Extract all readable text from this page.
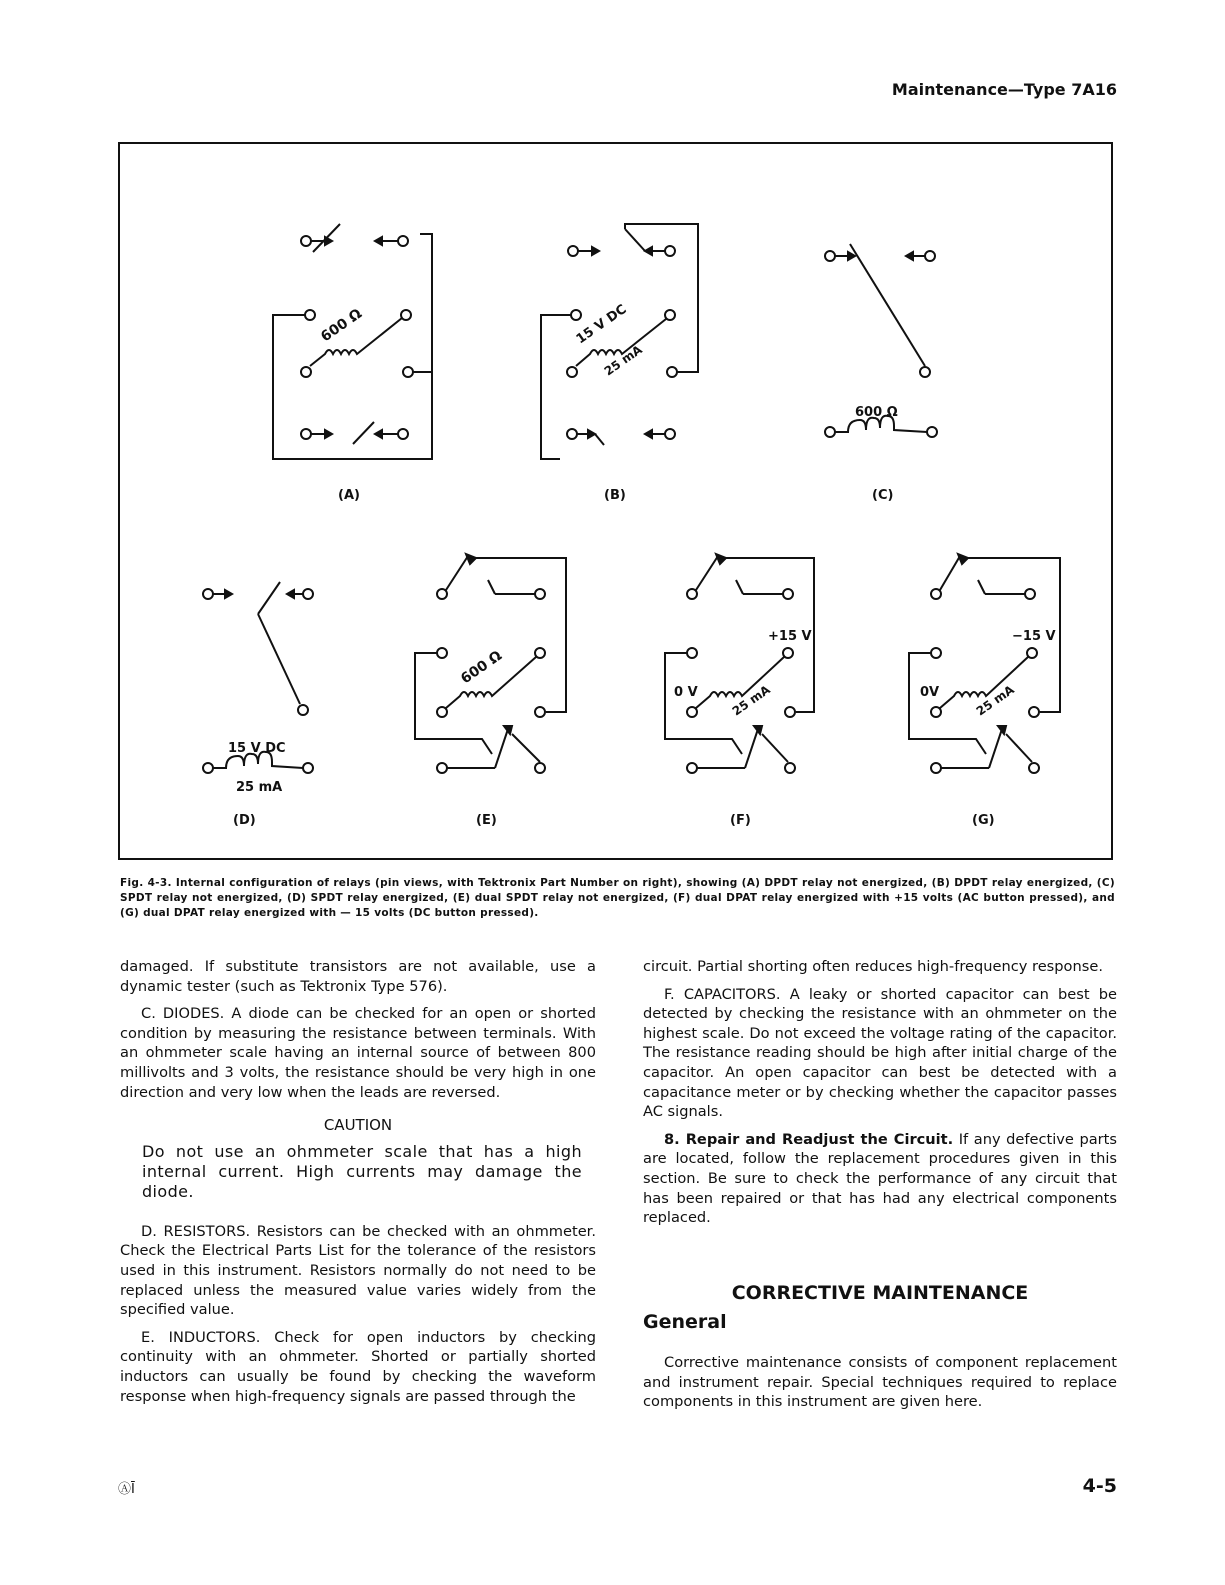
Maintenance—Type 7A16
600 Ω
(A)
15 V DC
25 mA
(B)
600 Ω
(C)
15 V DC
25 mA
(D)
600 Ω
(E)
+15 V
0 V	25 mA
(F)
−15 V
0V	25 mA
(G)
Fig. 4-3. Internal configuration of relays (pin views, with Tektronix Part Number on right), showing (A) DPDT relay not energized, (B) DPDT relay energized, (C) SPDT relay not energized, (D) SPDT relay energized, (E) dual SPDT relay not energized, (F) dual DPAT relay energized with +15 volts (AC button pressed), and (G) dual DPAT relay energized with — 15 volts (DC button pressed).

damaged. If substitute transistors are not available, use a dynamic tester (such as Tektronix Type 576).

C. DIODES. A diode can be checked for an open or shorted condition by measuring the resistance between terminals. With an ohmmeter scale having an internal source of between 800 millivolts and 3 volts, the resistance should be very high in one direction and very low when the leads are reversed.

CAUTION
Do not use an ohmmeter scale that has a high internal current. High currents may damage the diode.

D. RESISTORS. Resistors can be checked with an ohmmeter. Check the Electrical Parts List for the tolerance of the resistors used in this instrument. Resistors normally do not need to be replaced unless the measured value varies widely from the specified value.

E. INDUCTORS. Check for open inductors by checking continuity with an ohmmeter. Shorted or partially shorted inductors can usually be found by checking the waveform response when high-frequency signals are passed through the

circuit. Partial shorting often reduces high-frequency response.

F. CAPACITORS. A leaky or shorted capacitor can best be detected by checking the resistance with an ohmmeter on the highest scale. Do not exceed the voltage rating of the capacitor. The resistance reading should be high after initial charge of the capacitor. An open capacitor can best be detected with a capacitance meter or by checking whether the capacitor passes AC signals.

8. Repair and Readjust the Circuit. If any defective parts are located, follow the replacement procedures given in this section. Be sure to check the performance of any circuit that has been repaired or that has had any electrical components replaced.

CORRECTIVE MAINTENANCE
General

Corrective maintenance consists of component replacement and instrument repair. Special techniques required to replace components in this instrument are given here.

ⒶĪ	4-5
